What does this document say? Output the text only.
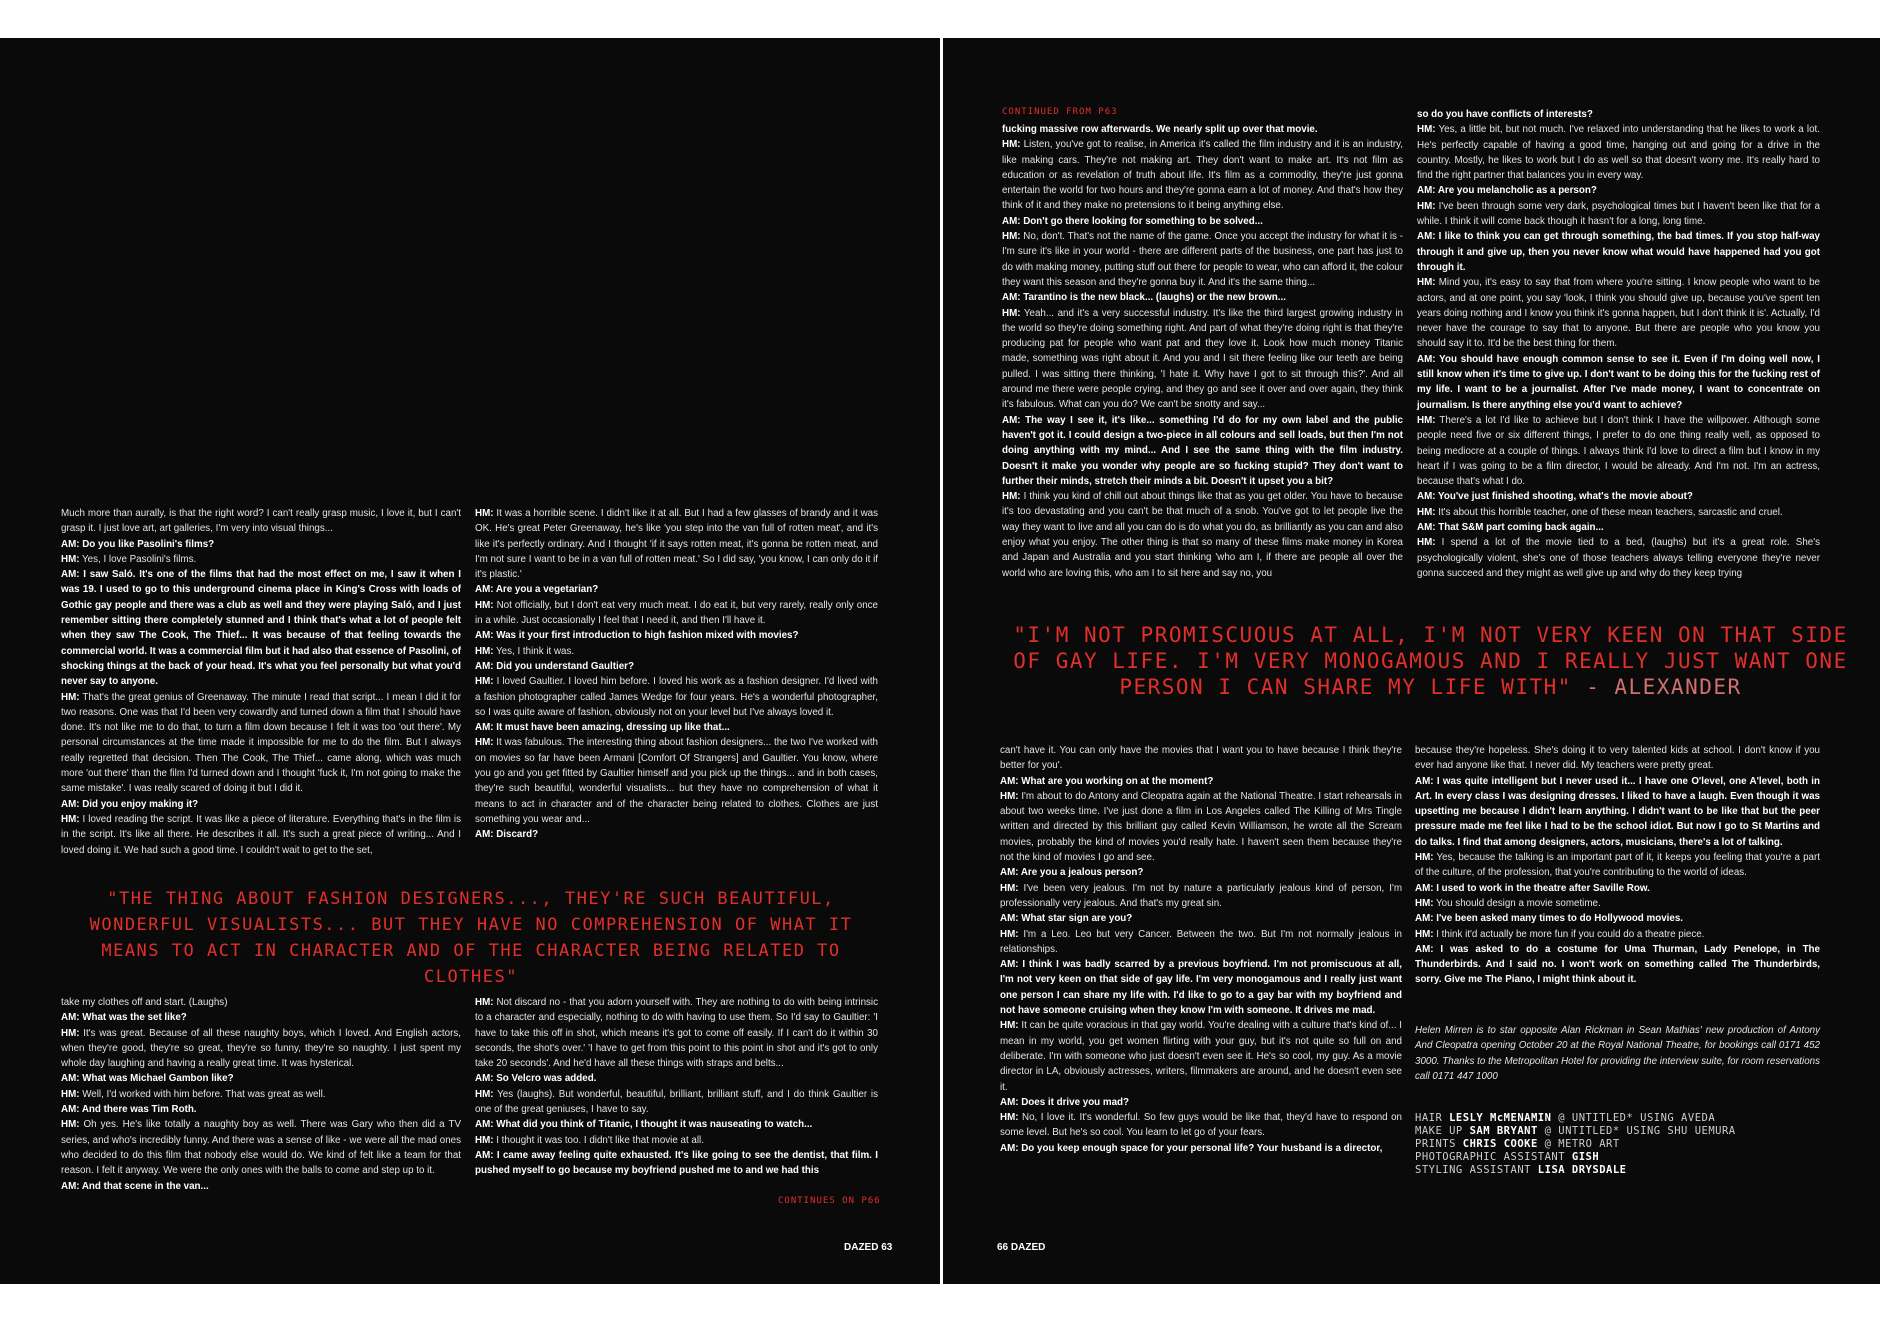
Much more than aurally, is that the right word? I can't really grasp music, I love it, but I can't grasp it. I just love art, art galleries, I'm very into visual things...

AM: Do you like Pasolini's films?

HM: Yes, I love Pasolini's films.

AM: I saw Saló. It's one of the films that had the most effect on me, I saw it when I was 19. I used to go to this underground cinema place in King's Cross with loads of Gothic gay people and there was a club as well and they were playing Saló, and I just remember sitting there completely stunned and I think that's what a lot of people felt when they saw The Cook, The Thief... It was because of that feeling towards the commercial world. It was a commercial film but it had also that essence of Pasolini, of shocking things at the back of your head. It's what you feel personally but what you'd never say to anyone.

HM: That's the great genius of Greenaway. The minute I read that script... I mean I did it for two reasons. One was that I'd been very cowardly and turned down a film that I should have done. It's not like me to do that, to turn a film down because I felt it was too 'out there'. My personal circumstances at the time made it impossible for me to do the film. But I always really regretted that decision. Then The Cook, The Thief... came along, which was much more 'out there' than the film I'd turned down and I thought 'fuck it, I'm not going to make the same mistake'. I was really scared of doing it but I did it.

AM: Did you enjoy making it?

HM: I loved reading the script. It was like a piece of literature. Everything that's in the film is in the script. It's like all there. He describes it all. It's such a great piece of writing... And I loved doing it. We had such a good time. I couldn't wait to get to the set,

HM: It was a horrible scene. I didn't like it at all. But I had a few glasses of brandy and it was OK. He's great Peter Greenaway, he's like 'you step into the van full of rotten meat', and it's like it's perfectly ordinary. And I thought 'if it says rotten meat, it's gonna be rotten meat, and I'm not sure I want to be in a van full of rotten meat.' So I did say, 'you know, I can only do it if it's plastic.'

AM: Are you a vegetarian?

HM: Not officially, but I don't eat very much meat. I do eat it, but very rarely, really only once in a while. Just occasionally I feel that I need it, and then I'll have it.

AM: Was it your first introduction to high fashion mixed with movies?

HM: Yes, I think it was.

AM: Did you understand Gaultier?

HM: I loved Gaultier. I loved him before. I loved his work as a fashion designer. I'd lived with a fashion photographer called James Wedge for four years. He's a wonderful photographer, so I was quite aware of fashion, obviously not on your level but I've always loved it.

AM: It must have been amazing, dressing up like that...

HM: It was fabulous. The interesting thing about fashion designers... the two I've worked with on movies so far have been Armani [Comfort Of Strangers] and Gaultier. You know, where you go and you get fitted by Gaultier himself and you pick up the things... and in both cases, they're such beautiful, wonderful visualists... but they have no comprehension of what it means to act in character and of the character being related to clothes. Clothes are just something you wear and...

AM: Discard?

"THE THING ABOUT FASHION DESIGNERS..., THEY'RE SUCH BEAUTIFUL, WONDERFUL VISUALISTS... BUT THEY HAVE NO COMPREHENSION OF WHAT IT MEANS TO ACT IN CHARACTER AND OF THE CHARACTER BEING RELATED TO CLOTHES"

take my clothes off and start. (Laughs)

AM: What was the set like?

HM: It's was great. Because of all these naughty boys, which I loved. And English actors, when they're good, they're so great, they're so funny, they're so naughty. I just spent my whole day laughing and having a really great time. It was hysterical.

AM: What was Michael Gambon like?

HM: Well, I'd worked with him before. That was great as well.

AM: And there was Tim Roth.

HM: Oh yes. He's like totally a naughty boy as well. There was Gary who then did a TV series, and who's incredibly funny. And there was a sense of like - we were all the mad ones who decided to do this film that nobody else would do. We kind of felt like a team for that reason. I felt it anyway. We were the only ones with the balls to come and step up to it.

AM: And that scene in the van...

HM: Not discard no - that you adorn yourself with. They are nothing to do with being intrinsic to a character and especially, nothing to do with having to use them. So I'd say to Gaultier: 'I have to take this off in shot, which means it's got to come off easily. If I can't do it within 30 seconds, the shot's over.' 'I have to get from this point to this point in shot and it's got to only take 20 seconds'. And he'd have all these things with straps and belts...

AM: So Velcro was added.

HM: Yes (laughs). But wonderful, beautiful, brilliant, brilliant stuff, and I do think Gaultier is one of the great geniuses, I have to say.

AM: What did you think of Titanic, I thought it was nauseating to watch...

HM: I thought it was too. I didn't like that movie at all.

AM: I came away feeling quite exhausted. It's like going to see the dentist, that film. I pushed myself to go because my boyfriend pushed me to and we had this

CONTINUES ON P66
DAZED 63
CONTINUED FROM P63

fucking massive row afterwards. We nearly split up over that movie.

HM: Listen, you've got to realise, in America it's called the film industry and it is an industry, like making cars. They're not making art. They don't want to make art. It's not film as education or as revelation of truth about life. It's film as a commodity, they're just gonna entertain the world for two hours and they're gonna earn a lot of money. And that's how they think of it and they make no pretensions to it being anything else.

AM: Don't go there looking for something to be solved...

HM: No, don't. That's not the name of the game. Once you accept the industry for what it is - I'm sure it's like in your world - there are different parts of the business, one part has just to do with making money, putting stuff out there for people to wear, who can afford it, the colour they want this season and they're gonna buy it. And it's the same thing...

AM: Tarantino is the new black... (laughs) or the new brown...

HM: Yeah... and it's a very successful industry. It's like the third largest growing industry in the world so they're doing something right. And part of what they're doing right is that they're producing pat for people who want pat and they love it. Look how much money Titanic made, something was right about it. And you and I sit there feeling like our teeth are being pulled. I was sitting there thinking, 'I hate it. Why have I got to sit through this?'. And all around me there were people crying, and they go and see it over and over again, they think it's fabulous. What can you do? We can't be snotty and say...

AM: The way I see it, it's like... something I'd do for my own label and the public haven't got it. I could design a two-piece in all colours and sell loads, but then I'm not doing anything with my mind... And I see the same thing with the film industry. Doesn't it make you wonder why people are so fucking stupid? They don't want to further their minds, stretch their minds a bit. Doesn't it upset you a bit?

HM: I think you kind of chill out about things like that as you get older. You have to because it's too devastating and you can't be that much of a snob. You've got to let people live the way they want to live and all you can do is do what you do, as brilliantly as you can and also enjoy what you enjoy. The other thing is that so many of these films make money in Korea and Japan and Australia and you start thinking 'who am I, if there are people all over the world who are loving this, who am I to sit here and say no, you

so do you have conflicts of interests?

HM: Yes, a little bit, but not much. I've relaxed into understanding that he likes to work a lot. He's perfectly capable of having a good time, hanging out and going for a drive in the country. Mostly, he likes to work but I do as well so that doesn't worry me. It's really hard to find the right partner that balances you in every way.

AM: Are you melancholic as a person?

HM: I've been through some very dark, psychological times but I haven't been like that for a while. I think it will come back though it hasn't for a long, long time.

AM: I like to think you can get through something, the bad times. If you stop half-way through it and give up, then you never know what would have happened had you got through it.

HM: Mind you, it's easy to say that from where you're sitting. I know people who want to be actors, and at one point, you say 'look, I think you should give up, because you've spent ten years doing nothing and I know you think it's gonna happen, but I don't think it is'. Actually, I'd never have the courage to say that to anyone. But there are people who you know you should say it to. It'd be the best thing for them.

AM: You should have enough common sense to see it. Even if I'm doing well now, I still know when it's time to give up. I don't want to be doing this for the fucking rest of my life. I want to be a journalist. After I've made money, I want to concentrate on journalism. Is there anything else you'd want to achieve?

HM: There's a lot I'd like to achieve but I don't think I have the willpower. Although some people need five or six different things, I prefer to do one thing really well, as opposed to being mediocre at a couple of things. I always think I'd love to direct a film but I know in my heart if I was going to be a film director, I would be already. And I'm not. I'm an actress, because that's what I do.

AM: You've just finished shooting, what's the movie about?

HM: It's about this horrible teacher, one of these mean teachers, sarcastic and cruel.

AM: That S&M part coming back again...

HM: I spend a lot of the movie tied to a bed, (laughs) but it's a great role. She's psychologically violent, she's one of those teachers always telling everyone they're never gonna succeed and they might as well give up and why do they keep trying

"I'M NOT PROMISCUOUS AT ALL, I'M NOT VERY KEEN ON THAT SIDE OF GAY LIFE. I'M VERY MONOGAMOUS AND I REALLY JUST WANT ONE PERSON I CAN SHARE MY LIFE WITH" - ALEXANDER

can't have it. You can only have the movies that I want you to have because I think they're better for you'.

AM: What are you working on at the moment?

HM: I'm about to do Antony and Cleopatra again at the National Theatre. I start rehearsals in about two weeks time. I've just done a film in Los Angeles called The Killing of Mrs Tingle written and directed by this brilliant guy called Kevin Williamson, he wrote all the Scream movies, probably the kind of movies you'd really hate. I haven't seen them because they're not the kind of movies I go and see.

AM: Are you a jealous person?

HM: I've been very jealous. I'm not by nature a particularly jealous kind of person, I'm professionally very jealous. And that's my great sin.

AM: What star sign are you?

HM: I'm a Leo. Leo but very Cancer. Between the two. But I'm not normally jealous in relationships.

AM: I think I was badly scarred by a previous boyfriend. I'm not promiscuous at all, I'm not very keen on that side of gay life. I'm very monogamous and I really just want one person I can share my life with. I'd like to go to a gay bar with my boyfriend and not have someone cruising when they know I'm with someone. It drives me mad.

HM: It can be quite voracious in that gay world. You're dealing with a culture that's kind of... I mean in my world, you get women flirting with your guy, but it's not quite so full on and deliberate. I'm with someone who just doesn't even see it. He's so cool, my guy. As a movie director in LA, obviously actresses, writers, filmmakers are around, and he doesn't even see it.

AM: Does it drive you mad?

HM: No, I love it. It's wonderful. So few guys would be like that, they'd have to respond on some level. But he's so cool. You learn to let go of your fears.

AM: Do you keep enough space for your personal life? Your husband is a director,

because they're hopeless. She's doing it to very talented kids at school. I don't know if you ever had anyone like that. I never did. My teachers were pretty great.

AM: I was quite intelligent but I never used it... I have one O'level, one A'level, both in Art. In every class I was designing dresses. I liked to have a laugh. Even though it was upsetting me because I didn't learn anything. I didn't want to be like that but the peer pressure made me feel like I had to be the school idiot. But now I go to St Martins and do talks. I find that among designers, actors, musicians, there's a lot of talking.

HM: Yes, because the talking is an important part of it, it keeps you feeling that you're a part of the culture, of the profession, that you're contributing to the world of ideas.

AM: I used to work in the theatre after Saville Row.

HM: You should design a movie sometime.

AM: I've been asked many times to do Hollywood movies.

HM: I think it'd actually be more fun if you could do a theatre piece.

AM: I was asked to do a costume for Uma Thurman, Lady Penelope, in The Thunderbirds. And I said no. I won't work on something called The Thunderbirds, sorry. Give me The Piano, I might think about it.

Helen Mirren is to star opposite Alan Rickman in Sean Mathias' new production of Antony And Cleopatra opening October 20 at the Royal National Theatre, for bookings call 0171 452 3000. Thanks to the Metropolitan Hotel for providing the interview suite, for room reservations call 0171 447 1000
HAIR LESLY McMENAMIN @ UNTITLED* USING AVEDA
MAKE UP SAM BRYANT @ UNTITLED* USING SHU UEMURA
PRINTS CHRIS COOKE @ METRO ART
PHOTOGRAPHIC ASSISTANT GISH
STYLING ASSISTANT LISA DRYSDALE
66 DAZED
